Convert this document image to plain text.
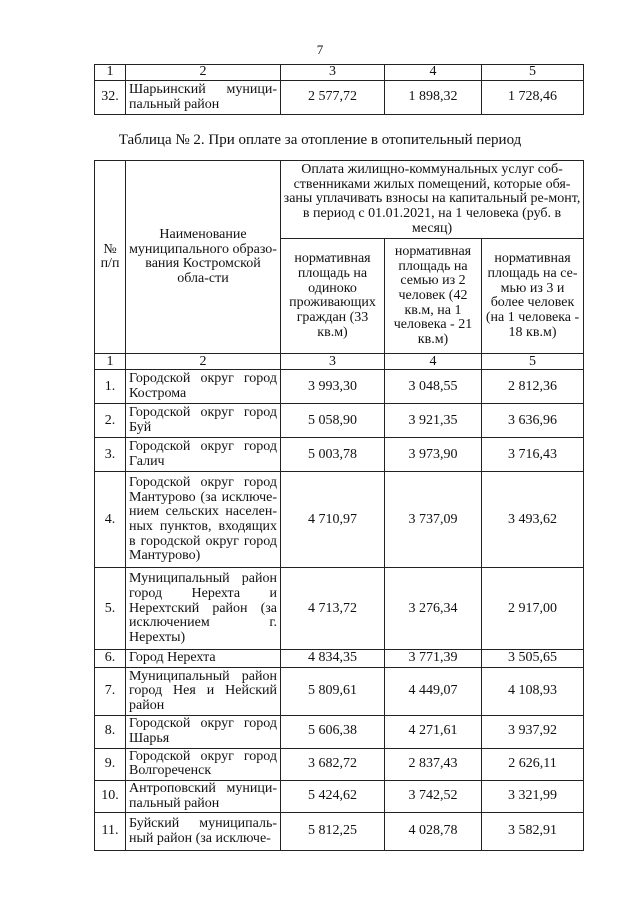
7
1	2	3	4	5
32.	Шарьинский муници-пальный район	2 577,72	1 898,32	1 728,46
Таблица № 2. При оплате за отопление в отопительный период
№ п/п	Наименование муниципального образо-вания Костромской обла-сти	Оплата жилищно-коммунальных услуг соб-ственниками жилых помещений, которые обя-заны уплачивать взносы на капитальный ре-монт, в период с 01.01.2021, на 1 человека (руб. в месяц)		
		нормативная площадь на одиноко проживающих граждан (33 кв.м)	нормативная площадь на семью из 2 человек (42 кв.м, на 1 человека - 21 кв.м)	нормативная площадь на се-мью из 3 и более человек (на 1 человека - 18 кв.м)
1	2	3	4	5
1.	Городской округ город Кострома	3 993,30	3 048,55	2 812,36
2.	Городской округ город Буй	5 058,90	3 921,35	3 636,96
3.	Городской округ город Галич	5 003,78	3 973,90	3 716,43
4.	Городской округ город Мантурово (за исключе-нием сельских населен-ных пунктов, входящих в городской округ город Мантурово)	4 710,97	3 737,09	3 493,62
5.	Муниципальный район город Нерехта и Нерехтский район (за исключением г. Нерехты)	4 713,72	3 276,34	2 917,00
6.	Город Нерехта	4 834,35	3 771,39	3 505,65
7.	Муниципальный район город Нея и Нейский район	5 809,61	4 449,07	4 108,93
8.	Городской округ город Шарья	5 606,38	4 271,61	3 937,92
9.	Городской округ город Волгореченск	3 682,72	2 837,43	2 626,11
10.	Антроповский муници-пальный район	5 424,62	3 742,52	3 321,99
11.	Буйский муниципаль-ный район (за исключе-	5 812,25	4 028,78	3 582,91
